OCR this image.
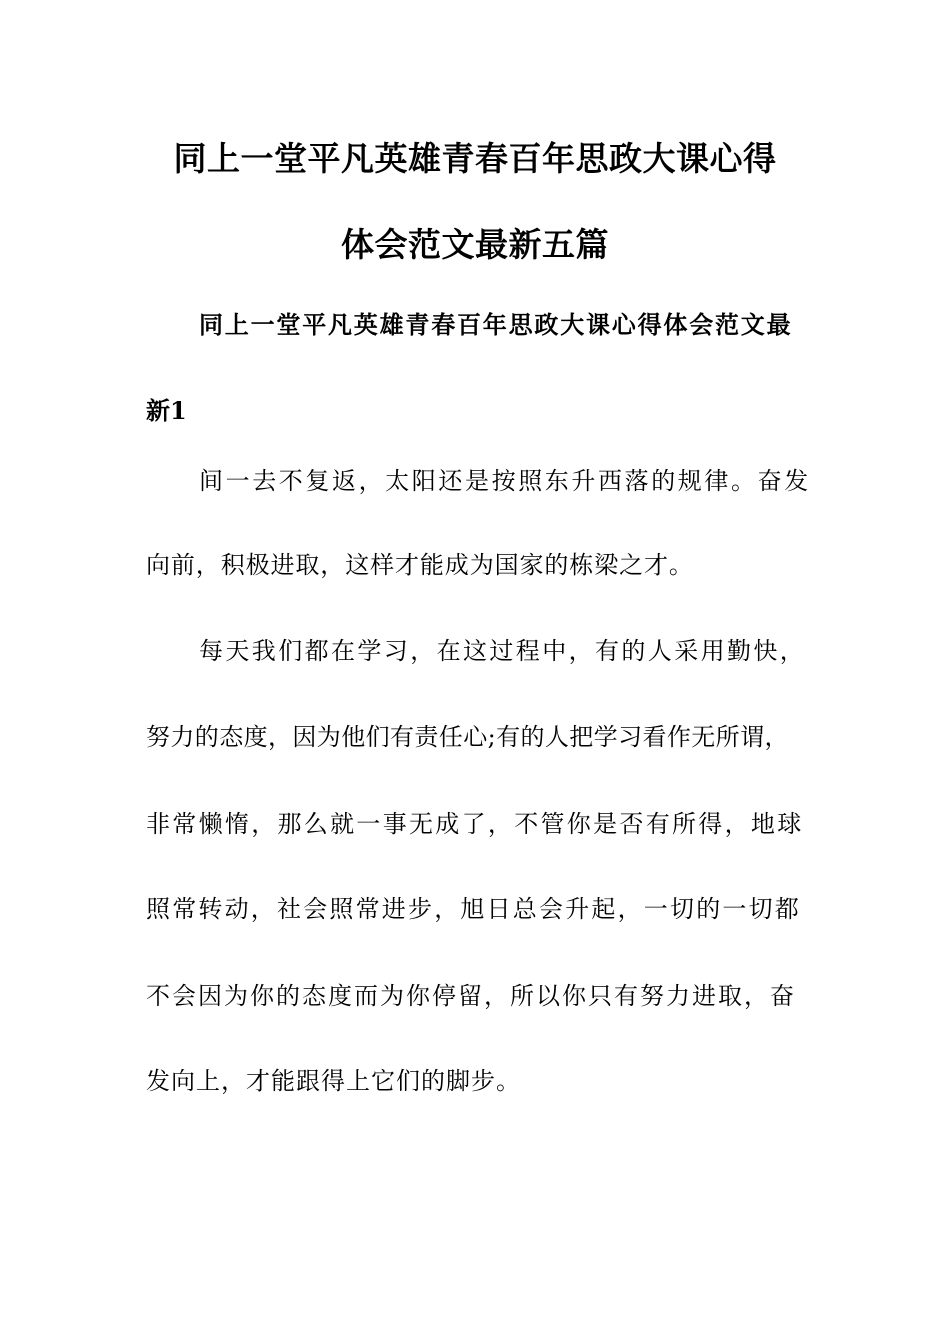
同上一堂平凡英雄青春百年思政大课心得
体会范文最新五篇
同上一堂平凡英雄青春百年思政大课心得体会范文最
新1
间一去不复返，太阳还是按照东升西落的规律。奋发
向前，积极进取，这样才能成为国家的栋梁之才。
每天我们都在学习，在这过程中，有的人采用勤快，
努力的态度，因为他们有责任心;有的人把学习看作无所谓，
非常懒惰，那么就一事无成了，不管你是否有所得，地球
照常转动，社会照常进步，旭日总会升起，一切的一切都
不会因为你的态度而为你停留，所以你只有努力进取，奋
发向上，才能跟得上它们的脚步。
